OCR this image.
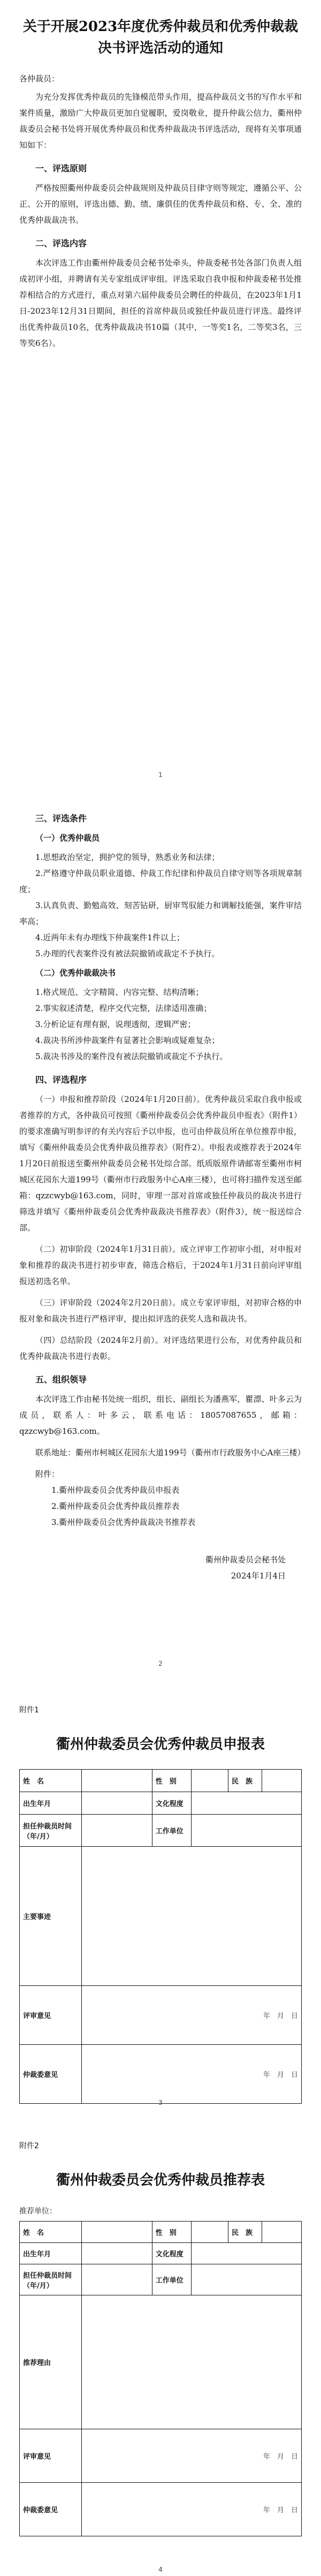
关于开展2023年度优秀仲裁员和优秀仲裁裁决书评选活动的通知

各仲裁员：

为充分发挥优秀仲裁员的先锋模范带头作用，提高仲裁员文书的写作水平和案件质量，激励广大仲裁员更加自觉履职，爱岗敬业，提升仲裁公信力，衢州仲裁委员会秘书处将开展优秀仲裁员和优秀仲裁裁决书评选活动，现将有关事项通知如下：

一、评选原则

严格按照衢州仲裁委员会仲裁规则及仲裁员目律守则等规定，遵循公平、公正、公开的原则，评选出德、勤、绩、廉俱佳的优秀仲裁员和格、专、全、准的优秀仲裁裁决书。

二、评选内容

本次评选工作由衢州仲裁委员会秘书处牵头，仲裁委秘书处各部门负责人组成初评小组，并聘请有关专家组成评审组。评选采取自我申报和仲裁委秘书处推荐相结合的方式进行，重点对第六届仲裁委员会聘任的仲裁员，在2023年1月1日-2023年12月31日期间，担任的首席仲裁员或独任仲裁员进行评选。最终评出优秀仲裁员10名，优秀仲裁裁决书10篇（其中，一等奖1名，二等奖3名，三等奖6名）。

1
三、评选条件
（一）优秀仲裁员

1.思想政治坚定，拥护党的领导，熟悉业务和法律；

2.严格遵守仲裁员职业道德、仲裁工作纪律和仲裁员自律守则等各项规章制度；

3.认真负责、勤勉高效、刻苦钻研，厨审驾驭能力和调解技能强，案件审结率高；

4.近两年未有办理线下仲裁案件1件以上；

5.办理的代表案件没有被法院撤销或裁定不予执行。

（二）优秀仲裁裁决书

1.格式规范、文字精简、内容完整、结构清晰；

2.事实叙述清楚，程序交代完整，法律适用准确；

3.分析论证有理有据，说理透彻，逻辑严密；

4.裁决书所涉仲裁案件有显著社会影响或疑难复杂；

5.裁决书涉及的案件没有被法院撤销或裁定不予执行。

四、评选程序

（一）申报和推荐阶段（2024年1月20日前）。优秀仲裁员采取自我申报或者推荐的方式，各仲裁员可按照《衢州仲裁委员会优秀仲裁员申报表》（附件1）的要求准确写明参评的有关内容后予以申报，也可由仲裁员所在单位推荐申报，填写《衢州仲裁委员会优秀仲裁员推荐表》（附件2）。申报表或推荐表于2024年1月20日前报送至衢州仲裁委员会秘书处综合部。纸质版原件请邮寄至衢州市柯城区花园东大道199号（衢州市行政服务中心A座三楼），也可将扫描件发送至邮箱：qzzcwyb@163.com，同时，审理一部对首席或独任仲裁员的裁决书进行筛选并填写《衢州仲裁委员会优秀仲裁裁决书推荐表》（附件3），统一报送综合部。

（二）初审阶段（2024年1月31日前）。成立评审工作初审小组，对申报对象和推荐的裁决书进行初步审查，筛选合格后，于2024年1月31日前向评审组报送初选名单。

（三）评审阶段（2024年2月20日前）。成立专家评审组，对初审合格的申报对象和裁决书进行严格评审，提出拟评选的获奖人选和裁决书。

（四）总结阶段（2024年2月前）。对评选结果进行公布，对优秀仲裁员和优秀仲裁裁决书进行表彰。

五、组织领导

本次评选工作由秘书处统一组织，组长、副组长为潘燕军，瞿漂、叶多云为成员，联系人：叶多云，联系电话：18057087655，邮箱：qzzcwyb@163.com。

联系地址：衢州市柯城区花园东大道199号（衢州市行政服务中心A座三楼）

附件：

1.衢州仲裁委员会优秀仲裁员申报表

2.衢州仲裁委员会优秀仲裁员推荐表

3.衢州仲裁委员会优秀仲裁裁决书推荐表

衢州仲裁委员会秘书处

2024年1月4日

2

附件1

衢州仲裁委员会优秀仲裁员申报表
姓　名		性　别		民　族	
出生年月		文化程度			
担任仲裁员时间（年/月）		工作单位			
主要事迹					
评审意见	年　月　日				
仲裁委意见	年　月　日				
3

附件2

衢州仲裁委员会优秀仲裁员推荐表

推荐单位：

姓　名		性　别		民　族	
出生年月		文化程度			
担任仲裁员时间（年/月）		工作单位			
推荐理由					
评审意见	年　月　日				
仲裁委意见	年　月　日				
4
